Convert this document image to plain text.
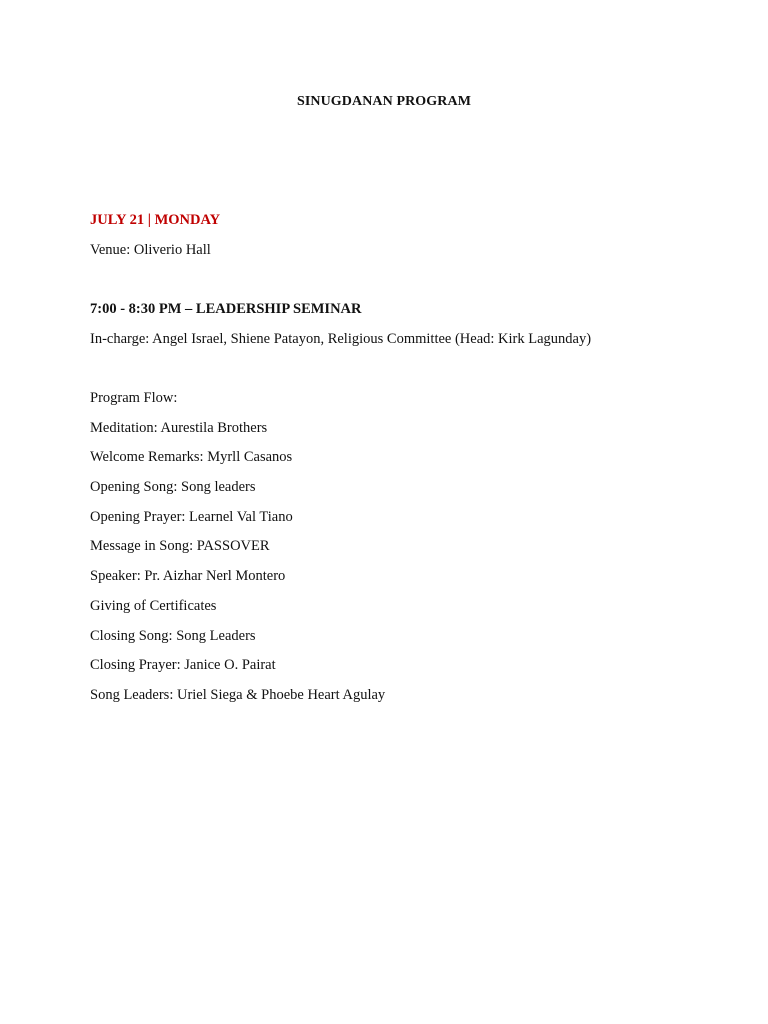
SINUGDANAN PROGRAM
JULY 21 | MONDAY
Venue: Oliverio Hall
7:00 - 8:30 PM – LEADERSHIP SEMINAR
In-charge: Angel Israel, Shiene Patayon, Religious Committee (Head: Kirk Lagunday)
Program Flow:
Meditation: Aurestila Brothers
Welcome Remarks: Myrll Casanos
Opening Song: Song leaders
Opening Prayer: Learnel Val Tiano
Message in Song: PASSOVER
Speaker: Pr. Aizhar Nerl Montero
Giving of Certificates
Closing Song: Song Leaders
Closing Prayer: Janice O. Pairat
Song Leaders: Uriel Siega & Phoebe Heart Agulay
